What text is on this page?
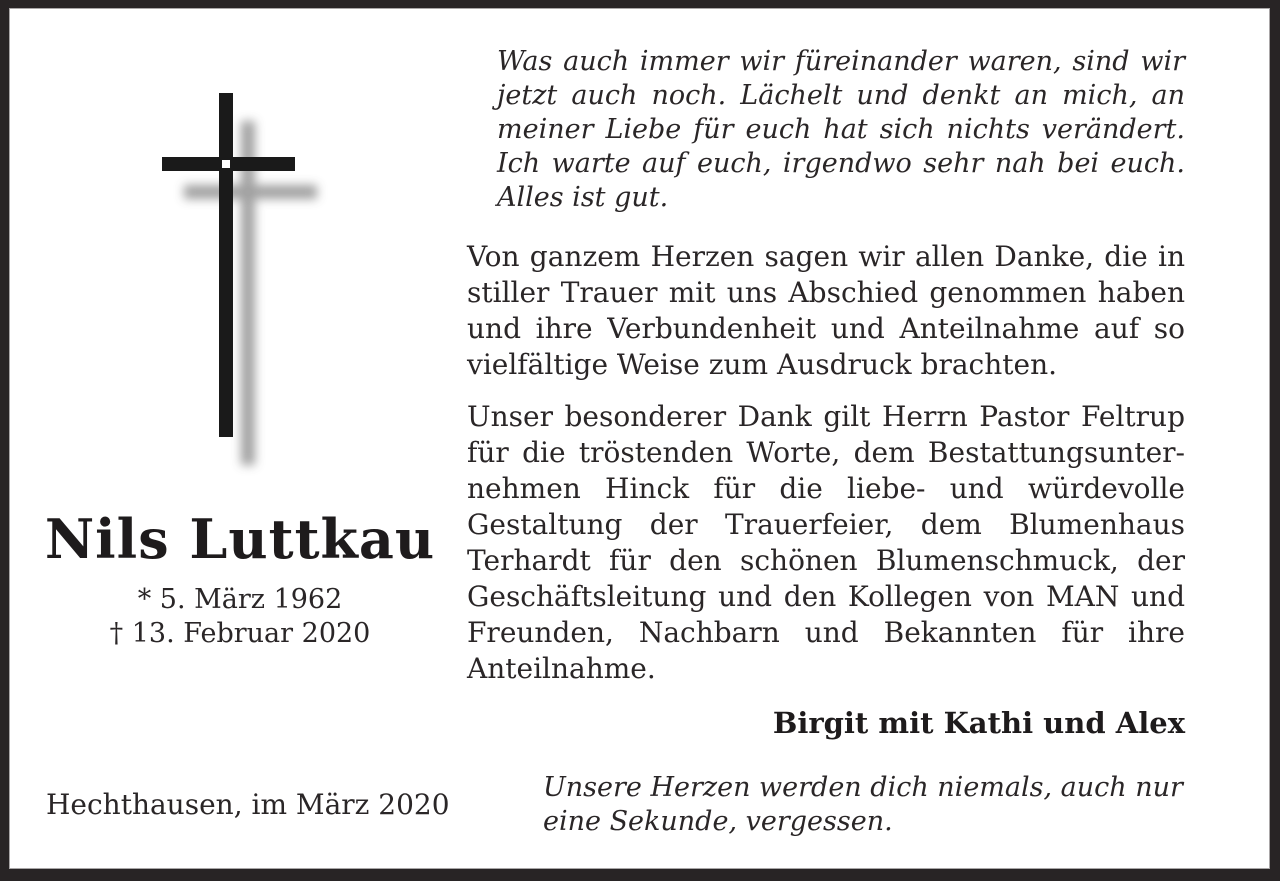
Nils Luttkau
* 5. März 1962
† 13. Februar 2020
Hechthausen, im März 2020
Was auch immer wir füreinander waren, sind wir jetzt auch noch. Lächelt und denkt an mich, an meiner Liebe für euch hat sich nichts verändert. Ich warte auf euch, irgendwo sehr nah bei euch. Alles ist gut.
Von ganzem Herzen sagen wir allen Danke, die in stiller Trauer mit uns Abschied genommen haben und ihre Verbundenheit und Anteilnahme auf so vielfältige Weise zum Ausdruck brachten.
Unser besonderer Dank gilt Herrn Pastor Feltrup für die tröstenden Worte, dem Bestattungsunternehmen Hinck für die liebe- und würdevolle Gestaltung der Trauerfeier, dem Blumenhaus Terhardt für den schönen Blumenschmuck, der Geschäftsleitung und den Kollegen von MAN und Freunden, Nachbarn und Bekannten für ihre Anteilnahme.
Birgit mit Kathi und Alex
Unsere Herzen werden dich niemals, auch nur eine Sekunde, vergessen.
